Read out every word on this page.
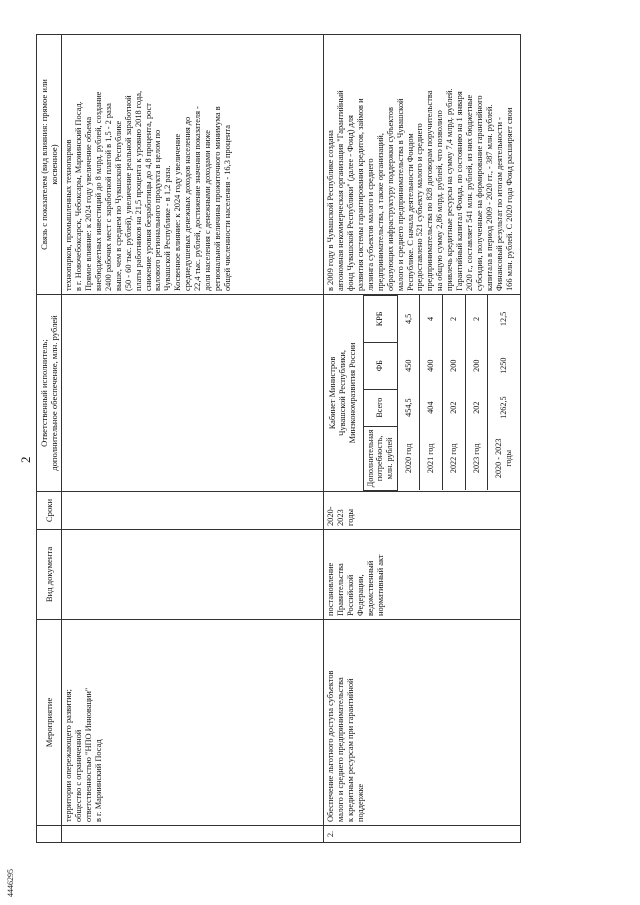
2
	Мероприятие	Вид документа	Сроки	Ответственный исполнитель;
дополнительное обеспечение, млн. рублей	Связь с показателем (вид влияния: прямое или
косвенное)
	территории опережающего развития;
общество с ограниченной
ответственностью "НПО Инновации"
в г. Мариинский Посад				технопарков, промышленных технопарков
в г. Новочебоксарск, Чебоксары, Мариинский Посад.
Прямое влияние: к 2024 году увеличение объема
внебюджетных инвестиций до 8 млрд. рублей, создание
2400 рабочих мест с заработной платой в 1,5 - 2 раза
выше, чем в среднем по Чувашской Республике
(50 - 60 тыс. рублей), увеличение реальной заработной
платы работников на 21,5 процента к уровню 2018 года,
снижение уровня безработицы до 4,8 процента, рост
валового регионального продукта в целом по
Чувашской Республике - в 1,2 раза.
Косвенное влияние: к 2024 году увеличение
среднедушевых денежных доходов населения до
22,4 тыс. рублей, достижение значения показателя -
доля населения с денежными доходами ниже
региональной величины прожиточного минимума в
общей численности населения - 16,3 процента
2.	Обеспечение льготного доступа субъектов
малого и среднего предпринимательства
к кредитным ресурсам при гарантийной
поддержке	постановление
Правительства
Российской
Федерации,
ведомственный
нормативный акт	2020-
2023
годы	
Кабинет Министров
Чувашской Республики,
Минэкономразвития России
Дополнительная
потребность,
млн. рублей	Всего	ФБ	КРБ
2020 год	454,5	450	4,5
2021 год	404	400	4
2022 год	202	200	2
2023 год	202	200	2
2020 - 2023
годы	1262,5	1250	12,5
	в 2009 году в Чувашской Республике создана
автономная некоммерческая организация "Гарантийный
фонд Чувашской Республики" (далее - Фонд) для
развития системы гарантирования кредитов, займов и
лизинга субъектов малого и среднего
предпринимательства, а также организаций,
образующих инфраструктуру поддержки субъектов
малого и среднего предпринимательства в Чувашской
Республике. С начала деятельности Фондом
предоставлено 521 субъекту малого и среднего
предпринимательства по 828 договорам поручительства
на общую сумму 2,86 млрд. рублей, что позволило
привлечь кредитные ресурсы на сумму 7,4 млрд. рублей.
Гарантийный капитал Фонда, по состоянию на 1 января
2020 г., составляет 541 млн. рублей, из них бюджетные
субсидии, полученные на формирование гарантийного
капитала в период 2009 - 2020 гг., - 387 млн. рублей.
Финансовый результат по итогам деятельности -
166 млн. рублей. С 2020 года Фонд расширяет свои
4446295
